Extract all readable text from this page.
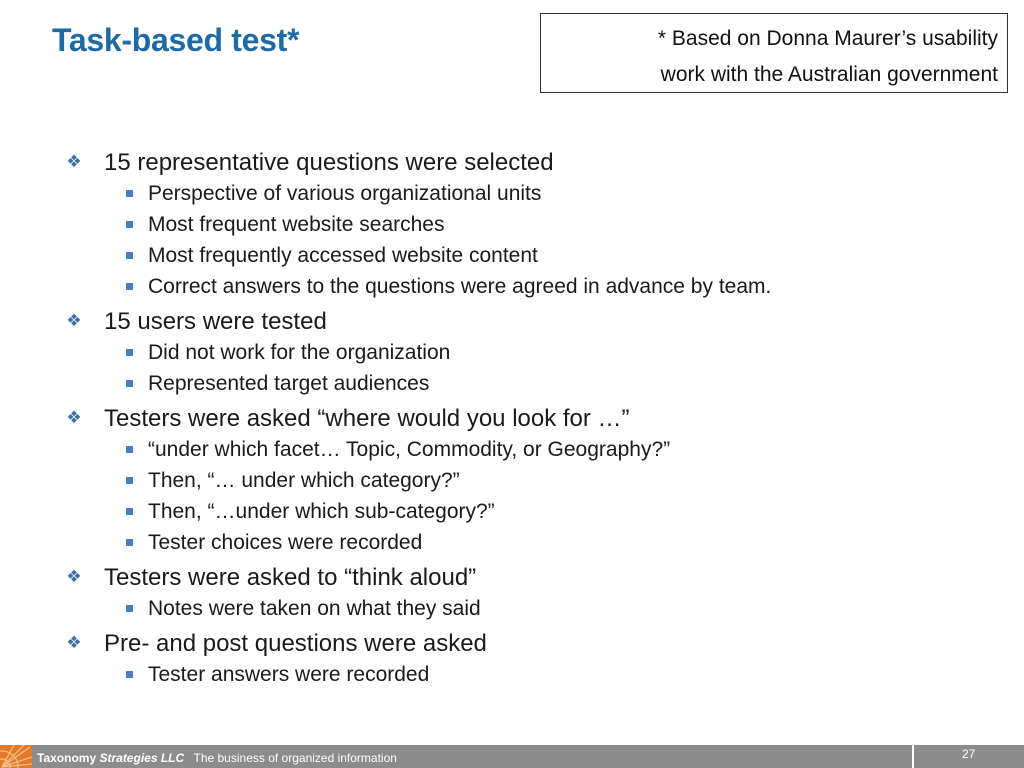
Task-based test*	* Based on Donna Maurer’s usability
work with the Australian government
❖ 15 representative questions were selected
Perspective of various organizational units
Most frequent website searches
Most frequently accessed website content
Correct answers to the questions were agreed in advance by team.
❖ 15 users were tested
Did not work for the organization
Represented target audiences
❖ Testers were asked “where would you look for …”
“under which facet… Topic, Commodity, or Geography?”
Then, “… under which category?”
Then, “…under which sub-category?”
Tester choices were recorded
❖ Testers were asked to “think aloud”
Notes were taken on what they said
❖ Pre- and post questions were asked
Tester answers were recorded
Taxonomy Strategies LLC The business of organized information	27
